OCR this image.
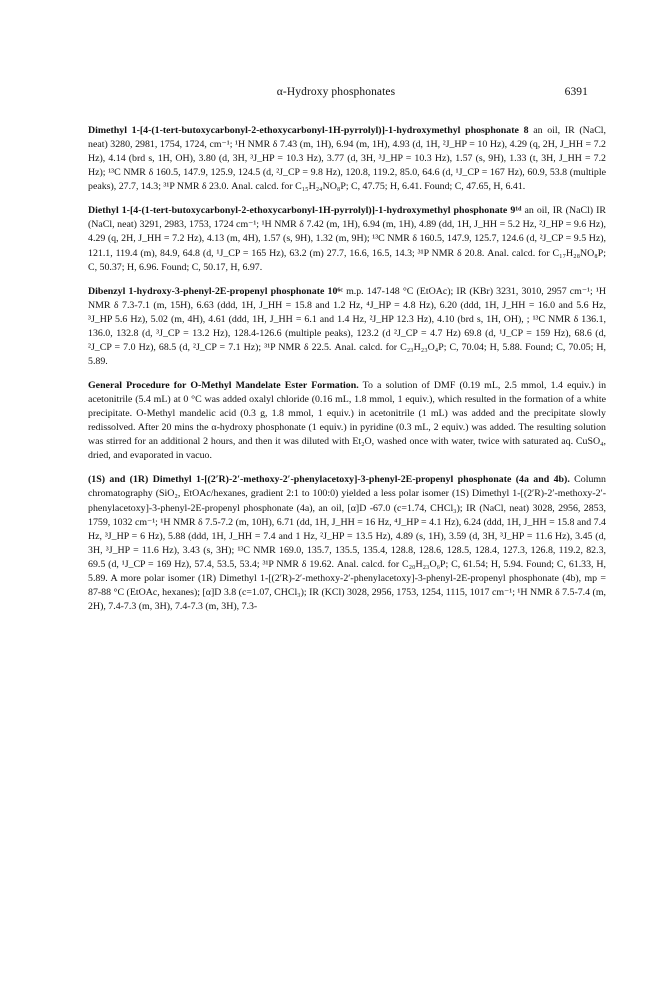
α-Hydroxy phosphonates	6391

Dimethyl 1-[4-(1-tert-butoxycarbonyl-2-ethoxycarbonyl-1H-pyrrolyl)]-1-hydroxymethyl phosphonate 8 an oil, IR (NaCl, neat) 3280, 2981, 1754, 1724, cm⁻¹; ¹H NMR δ 7.43 (m, 1H), 6.94 (m, 1H), 4.93 (d, 1H, ²J_HP = 10 Hz), 4.29 (q, 2H, J_HH = 7.2 Hz), 4.14 (brd s, 1H, OH), 3.80 (d, 3H, ³J_HP = 10.3 Hz), 3.77 (d, 3H, ³J_HP = 10.3 Hz), 1.57 (s, 9H), 1.33 (t, 3H, J_HH = 7.2 Hz); ¹³C NMR δ 160.5, 147.9, 125.9, 124.5 (d, ²J_CP = 9.8 Hz), 120.8, 119.2, 85.0, 64.6 (d, ¹J_CP = 167 Hz), 60.9, 53.8 (multiple peaks), 27.7, 14.3; ³¹P NMR δ 23.0. Anal. calcd. for C₁₅H₂₄NO₈P; C, 47.75; H, 6.41. Found; C, 47.65, H, 6.41.

Diethyl 1-[4-(1-tert-butoxycarbonyl-2-ethoxycarbonyl-1H-pyrrolyl)]-1-hydroxymethyl phosphonate 9¹ᵈ an oil, IR (NaCl) IR (NaCl, neat) 3291, 2983, 1753, 1724 cm⁻¹; ¹H NMR δ 7.42 (m, 1H), 6.94 (m, 1H), 4.89 (dd, 1H, J_HH = 5.2 Hz, ²J_HP = 9.6 Hz), 4.29 (q, 2H, J_HH = 7.2 Hz), 4.13 (m, 4H), 1.57 (s, 9H), 1.32 (m, 9H); ¹³C NMR δ 160.5, 147.9, 125.7, 124.6 (d, ²J_CP = 9.5 Hz), 121.1, 119.4 (m), 84.9, 64.8 (d, ¹J_CP = 165 Hz), 63.2 (m) 27.7, 16.6, 16.5, 14.3; ³¹P NMR δ 20.8. Anal. calcd. for C₁₇H₂₈NO₈P; C, 50.37; H, 6.96. Found; C, 50.17, H, 6.97.

Dibenzyl 1-hydroxy-3-phenyl-2E-propenyl phosphonate 10⁶ᶜ m.p. 147-148 °C (EtOAc); IR (KBr) 3231, 3010, 2957 cm⁻¹; ¹H NMR δ 7.3-7.1 (m, 15H), 6.63 (ddd, 1H, J_HH = 15.8 and 1.2 Hz, ⁴J_HP = 4.8 Hz), 6.20 (ddd, 1H, J_HH = 16.0 and 5.6 Hz, ³J_HP 5.6 Hz), 5.02 (m, 4H), 4.61 (ddd, 1H, J_HH = 6.1 and 1.4 Hz, ²J_HP 12.3 Hz), 4.10 (brd s, 1H, OH), ; ¹³C NMR δ 136.1, 136.0, 132.8 (d, ³J_CP = 13.2 Hz), 128.4-126.6 (multiple peaks), 123.2 (d ²J_CP = 4.7 Hz) 69.8 (d, ¹J_CP = 159 Hz), 68.6 (d, ²J_CP = 7.0 Hz), 68.5 (d, ²J_CP = 7.1 Hz); ³¹P NMR δ 22.5. Anal. calcd. for C₂₃H₂₃O₄P; C, 70.04; H, 5.88. Found; C, 70.05; H, 5.89.

General Procedure for O-Methyl Mandelate Ester Formation. To a solution of DMF (0.19 mL, 2.5 mmol, 1.4 equiv.) in acetonitrile (5.4 mL) at 0 °C was added oxalyl chloride (0.16 mL, 1.8 mmol, 1 equiv.), which resulted in the formation of a white precipitate. O-Methyl mandelic acid (0.3 g, 1.8 mmol, 1 equiv.) in acetonitrile (1 mL) was added and the precipitate slowly redissolved. After 20 mins the α-hydroxy phosphonate (1 equiv.) in pyridine (0.3 mL, 2 equiv.) was added. The resulting solution was stirred for an additional 2 hours, and then it was diluted with Et₂O, washed once with water, twice with saturated aq. CuSO₄, dried, and evaporated in vacuo.

(1S) and (1R) Dimethyl 1-[(2′R)-2′-methoxy-2′-phenylacetoxy]-3-phenyl-2E-propenyl phosphonate (4a and 4b). Column chromatography (SiO₂, EtOAc/hexanes, gradient 2:1 to 100:0) yielded a less polar isomer (1S) Dimethyl 1-[(2′R)-2′-methoxy-2′-phenylacetoxy]-3-phenyl-2E-propenyl phosphonate (4a), an oil, [α]D -67.0 (c=1.74, CHCl₃); IR (NaCl, neat) 3028, 2956, 2853, 1759, 1032 cm⁻¹; ¹H NMR δ 7.5-7.2 (m, 10H), 6.71 (dd, 1H, J_HH = 16 Hz, ⁴J_HP = 4.1 Hz), 6.24 (ddd, 1H, J_HH = 15.8 and 7.4 Hz, ³J_HP = 6 Hz), 5.88 (ddd, 1H, J_HH = 7.4 and 1 Hz, ²J_HP = 13.5 Hz), 4.89 (s, 1H), 3.59 (d, 3H, ³J_HP = 11.6 Hz), 3.45 (d, 3H, ³J_HP = 11.6 Hz), 3.43 (s, 3H); ¹³C NMR 169.0, 135.7, 135.5, 135.4, 128.8, 128.6, 128.5, 128.4, 127.3, 126.8, 119.2, 82.3, 69.5 (d, ¹J_CP = 169 Hz), 57.4, 53.5, 53.4; ³¹P NMR δ 19.62. Anal. calcd. for C₂₀H₂₃O₆P; C, 61.54; H, 5.94. Found; C, 61.33, H, 5.89. A more polar isomer (1R) Dimethyl 1-[(2′R)-2′-methoxy-2′-phenylacetoxy]-3-phenyl-2E-propenyl phosphonate (4b), mp = 87-88 °C (EtOAc, hexanes); [α]D 3.8 (c=1.07, CHCl₃); IR (KCl) 3028, 2956, 1753, 1254, 1115, 1017 cm⁻¹; ¹H NMR δ 7.5-7.4 (m, 2H), 7.4-7.3 (m, 3H), 7.4-7.3 (m, 3H), 7.3-
